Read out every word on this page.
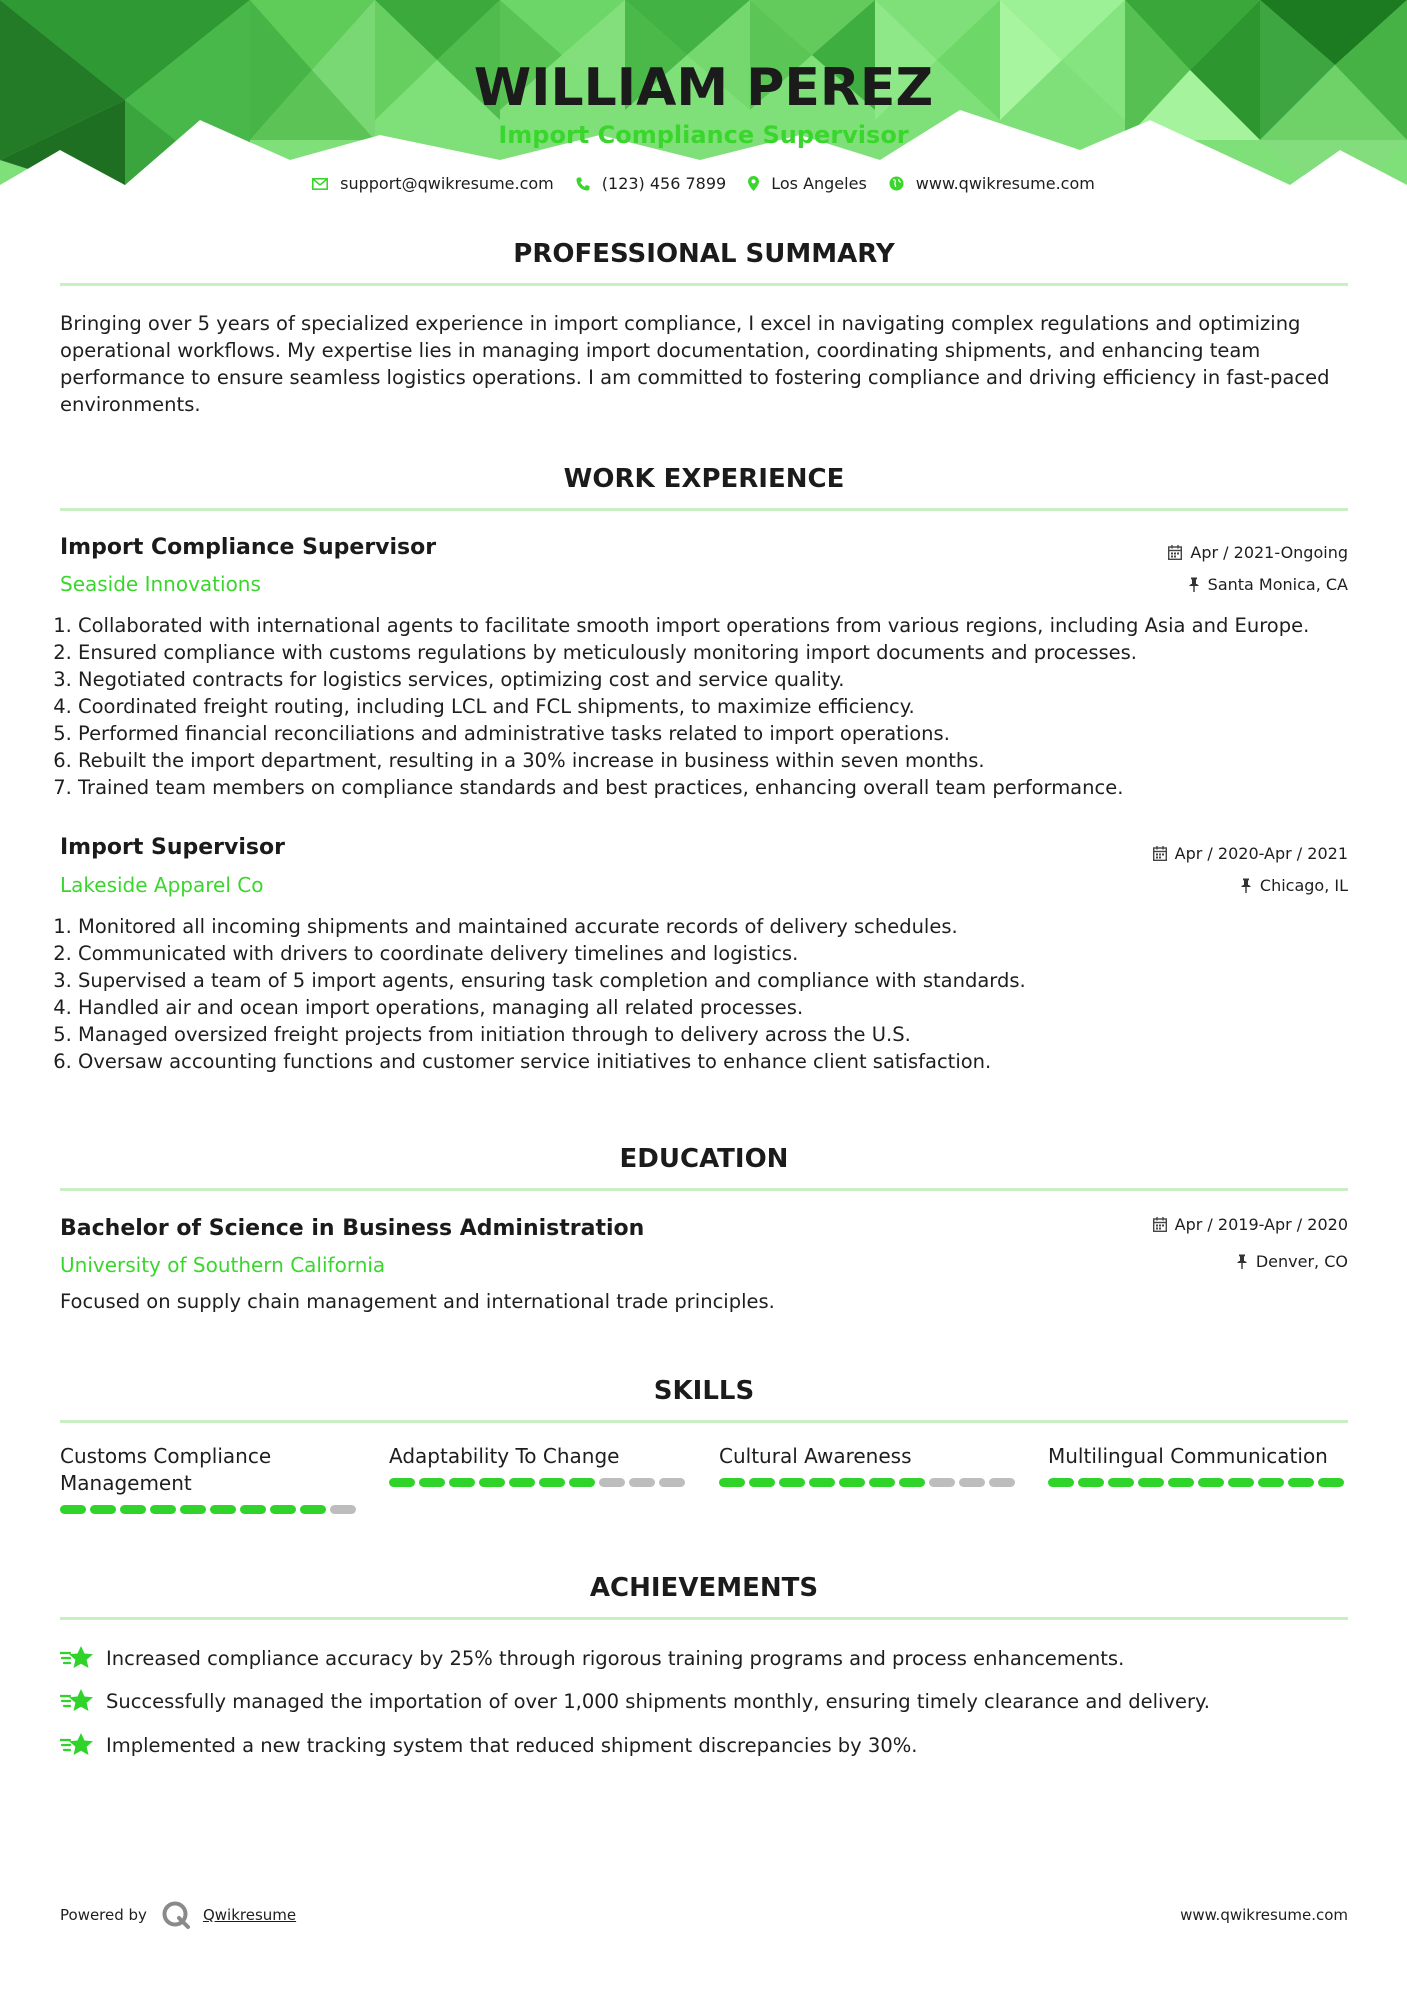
WILLIAM PEREZ

Import Compliance Supervisor

support@qwikresume.com	(123) 456 7899	Los Angeles	www.qwikresume.com
PROFESSIONAL SUMMARY

Bringing over 5 years of specialized experience in import compliance, I excel in navigating complex regulations and optimizing operational workflows. My expertise lies in managing import documentation, coordinating shipments, and enhancing team performance to ensure seamless logistics operations. I am committed to fostering compliance and driving efficiency in fast-paced environments.

WORK EXPERIENCE

Import Compliance Supervisor

Seaside Innovations

Apr / 2021-Ongoing
Santa Monica, CA
1. Collaborated with international agents to facilitate smooth import operations from various regions, including Asia and Europe.
2. Ensured compliance with customs regulations by meticulously monitoring import documents and processes.
3. Negotiated contracts for logistics services, optimizing cost and service quality.
4. Coordinated freight routing, including LCL and FCL shipments, to maximize efficiency.
5. Performed financial reconciliations and administrative tasks related to import operations.
6. Rebuilt the import department, resulting in a 30% increase in business within seven months.
7. Trained team members on compliance standards and best practices, enhancing overall team performance.

Import Supervisor

Lakeside Apparel Co

Apr / 2020-Apr / 2021
Chicago, IL
1. Monitored all incoming shipments and maintained accurate records of delivery schedules.
2. Communicated with drivers to coordinate delivery timelines and logistics.
3. Supervised a team of 5 import agents, ensuring task completion and compliance with standards.
4. Handled air and ocean import operations, managing all related processes.
5. Managed oversized freight projects from initiation through to delivery across the U.S.
6. Oversaw accounting functions and customer service initiatives to enhance client satisfaction.
EDUCATION

Bachelor of Science in Business Administration

University of Southern California

Apr / 2019-Apr / 2020
Denver, CO

Focused on supply chain management and international trade principles.

SKILLS

Customs Compliance Management

Adaptability To Change	Cultural Awareness	Multilingual Communication

ACHIEVEMENTS
Increased compliance accuracy by 25% through rigorous training programs and process enhancements.
Successfully managed the importation of over 1,000 shipments monthly, ensuring timely clearance and delivery.
Implemented a new tracking system that reduced shipment discrepancies by 30%.
Powered by	Qwikresume	www.qwikresume.com
